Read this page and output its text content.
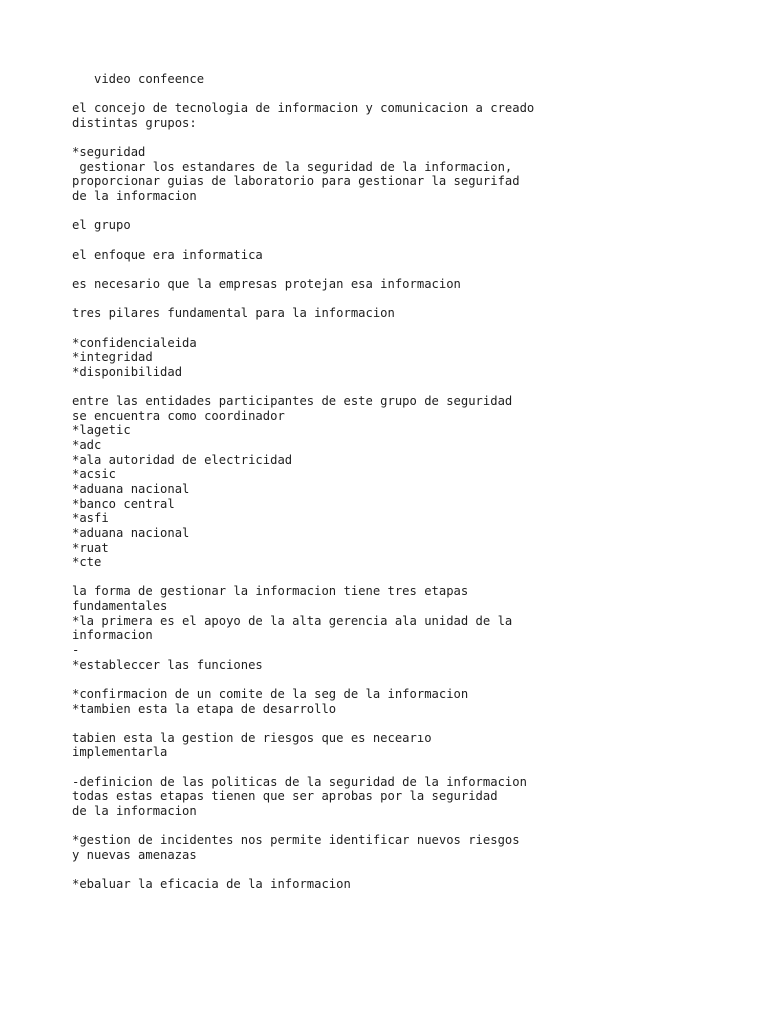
video confeence
el concejo de tecnologia de informacion y comunicacion a creado
distintas grupos:
*seguridad
gestionar los estandares de la seguridad de la informacion,
proporcionar guias de laboratorio para gestionar la segurifad
de la informacion
el grupo
el enfoque era informatica
es necesario que la empresas protejan esa informacion
tres pilares fundamental para la informacion
*confidencialeida
*integridad
*disponibilidad
entre las entidades participantes de este grupo de seguridad
se encuentra como coordinador
*lagetic
*adc
*ala autoridad de electricidad
*acsic
*aduana nacional
*banco central
*asfi
*aduana nacional
*ruat
*cte
la forma de gestionar la informacion tiene tres etapas
fundamentales
*la primera es el apoyo de la alta gerencia ala unidad de la
informacion
-
*estableccer las funciones
*confirmacion de un comite de la seg de la informacion
*tambien esta la etapa de desarrollo
tabien esta la gestion de riesgos que es necearıo
implementarla
-definicion de las politicas de la seguridad de la informacion
todas estas etapas tienen que ser aprobas por la seguridad
de la informacion
*gestion de incidentes nos permite identificar nuevos riesgos
y nuevas amenazas
*ebaluar la eficacia de la informacion
